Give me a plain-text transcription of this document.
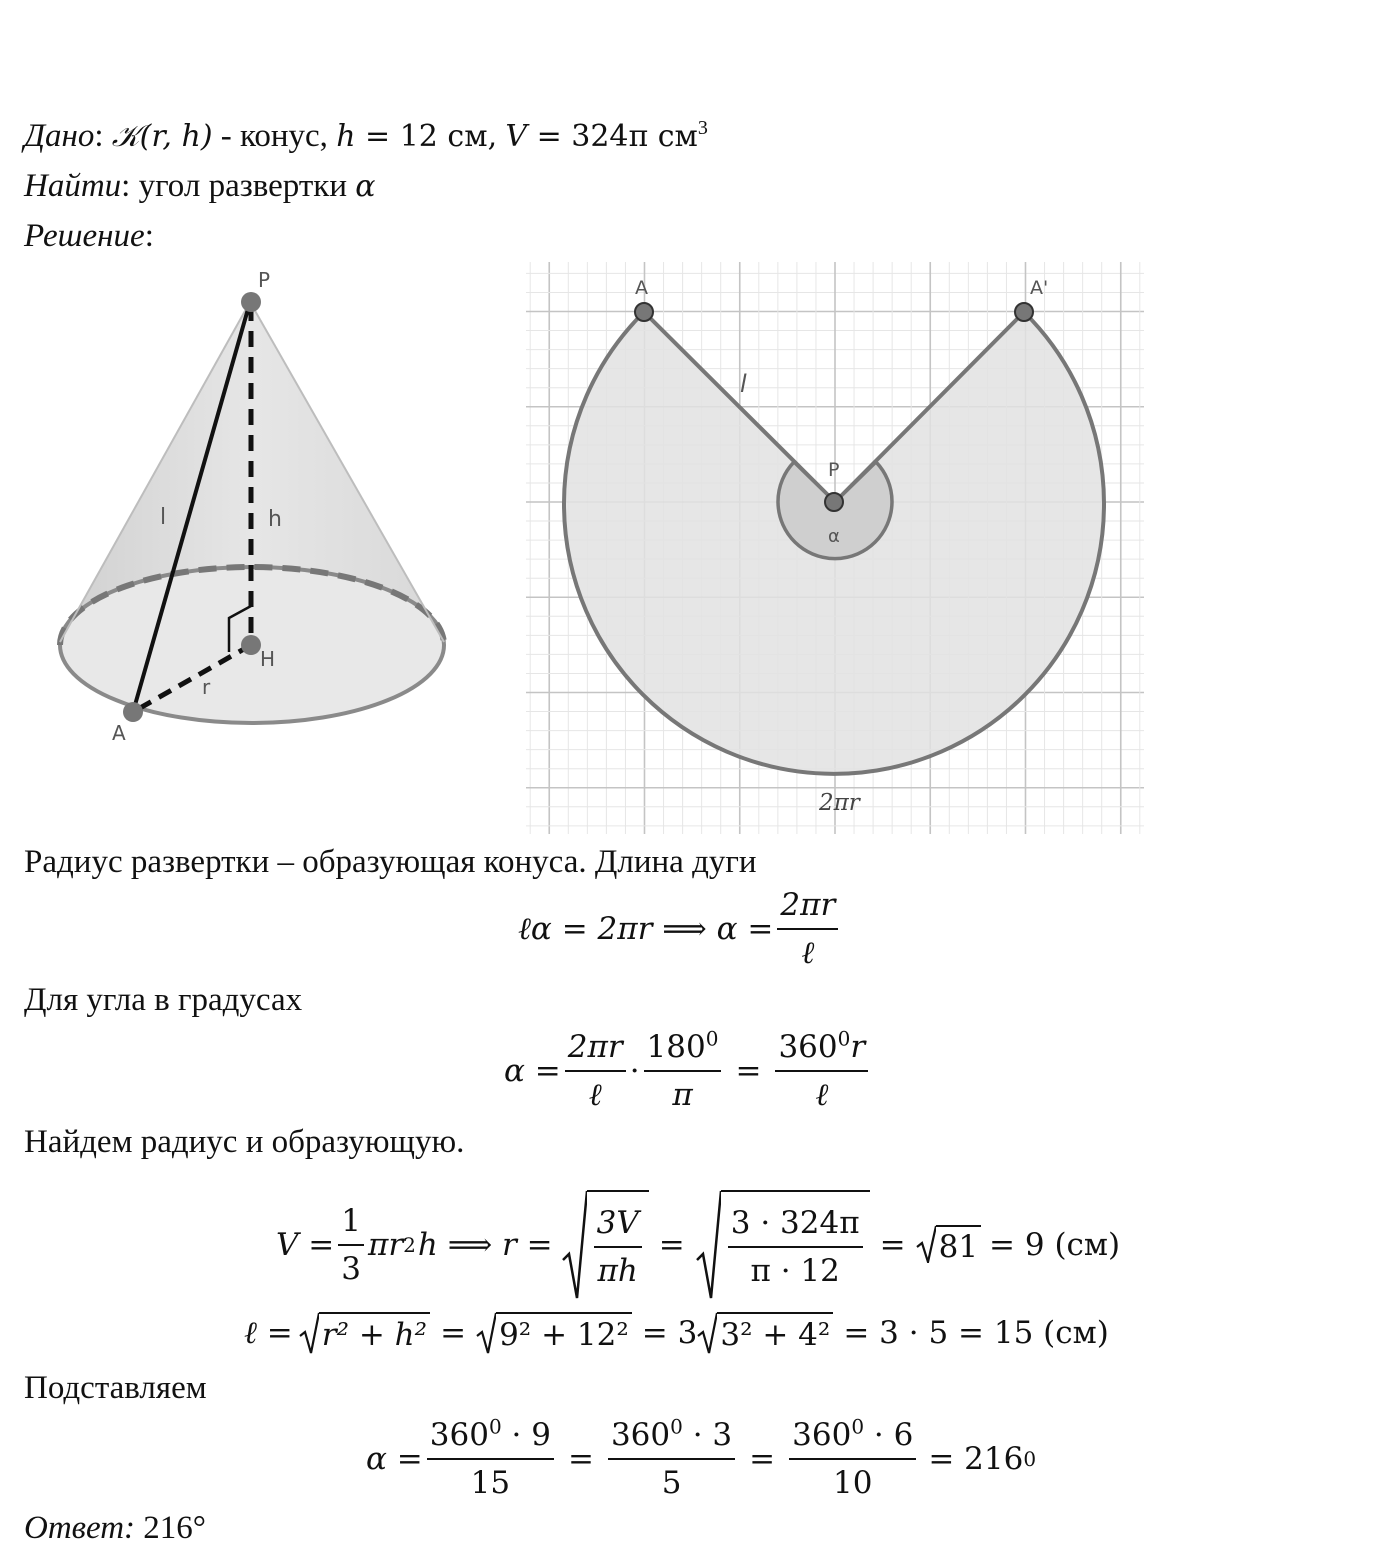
Дано: 𝒦(r, h) - конус, h = 12 см, V = 324π $см^3$
Найти: угол развертки α
Решение:
P
H
A
l	h
r
A	A'
P
l
α
2πr
Радиус развертки – образующая конуса. Длина дуги
ℓα = 2πr ⟹ $\alpha = \frac{2\pi r}{\text{ℓ}}$
Для угла в градусах
$\alpha = \frac{2\pi r}{\text{ℓ}} \cdot \frac{180^0}{\pi} = \frac{360^0r}{\text{ℓ}}$
Найдем радиус и образующую.
$V = \frac{1}{3}$ πr 2 h ⟹ $r = \frac{3V}{\pi h} = \frac{3 \cdot 324\pi}{\pi \cdot 12} = 81 = 9$ (см)
ℓ = r² + h² = 9² + 12² = 3 3² + 4² = 3 · 5 = 15 (см)
Подставляем
$\alpha = \frac{360^0 \cdot 9}{15} = \frac{360^0 \cdot 3}{5} = \frac{360^0 \cdot 6}{10} = 216$ 0
Ответ: 216°
